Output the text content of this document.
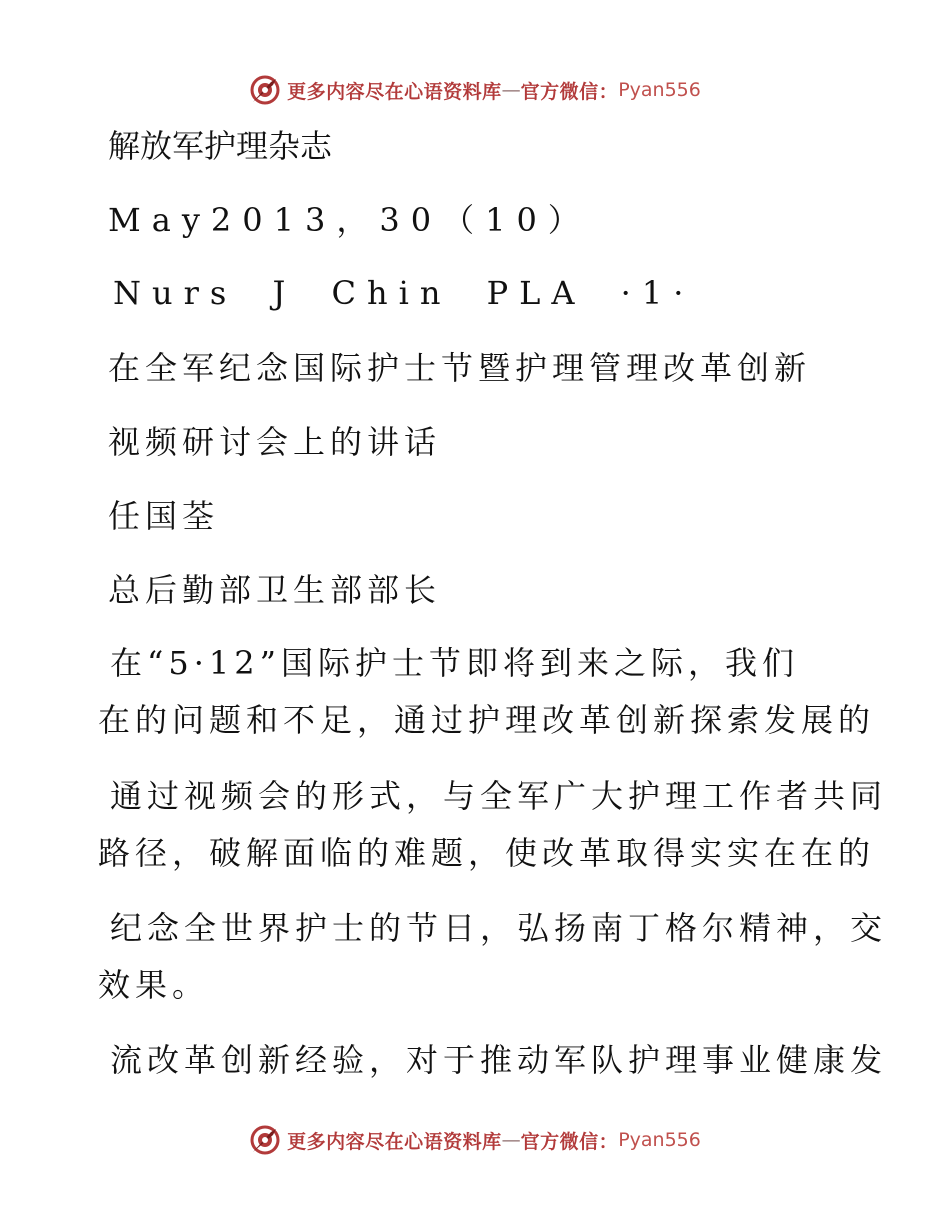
更多内容尽在心语资料库 — 官方微信： Pyan556
解放军护理杂志
May2013，30（10）
Nurs J Chin PLA ·1·
在全军纪念国际护士节暨护理管理改革创新
视频研讨会上的讲话
任国荃
总后勤部卫生部部长
在“5·12”国际护士节即将到来之际，我们
在的问题和不足，通过护理改革创新探索发展的
通过视频会的形式，与全军广大护理工作者共同
路径，破解面临的难题，使改革取得实实在在的
纪念全世界护士的节日，弘扬南丁格尔精神，交
效果。
流改革创新经验，对于推动军队护理事业健康发
更多内容尽在心语资料库 — 官方微信： Pyan556
